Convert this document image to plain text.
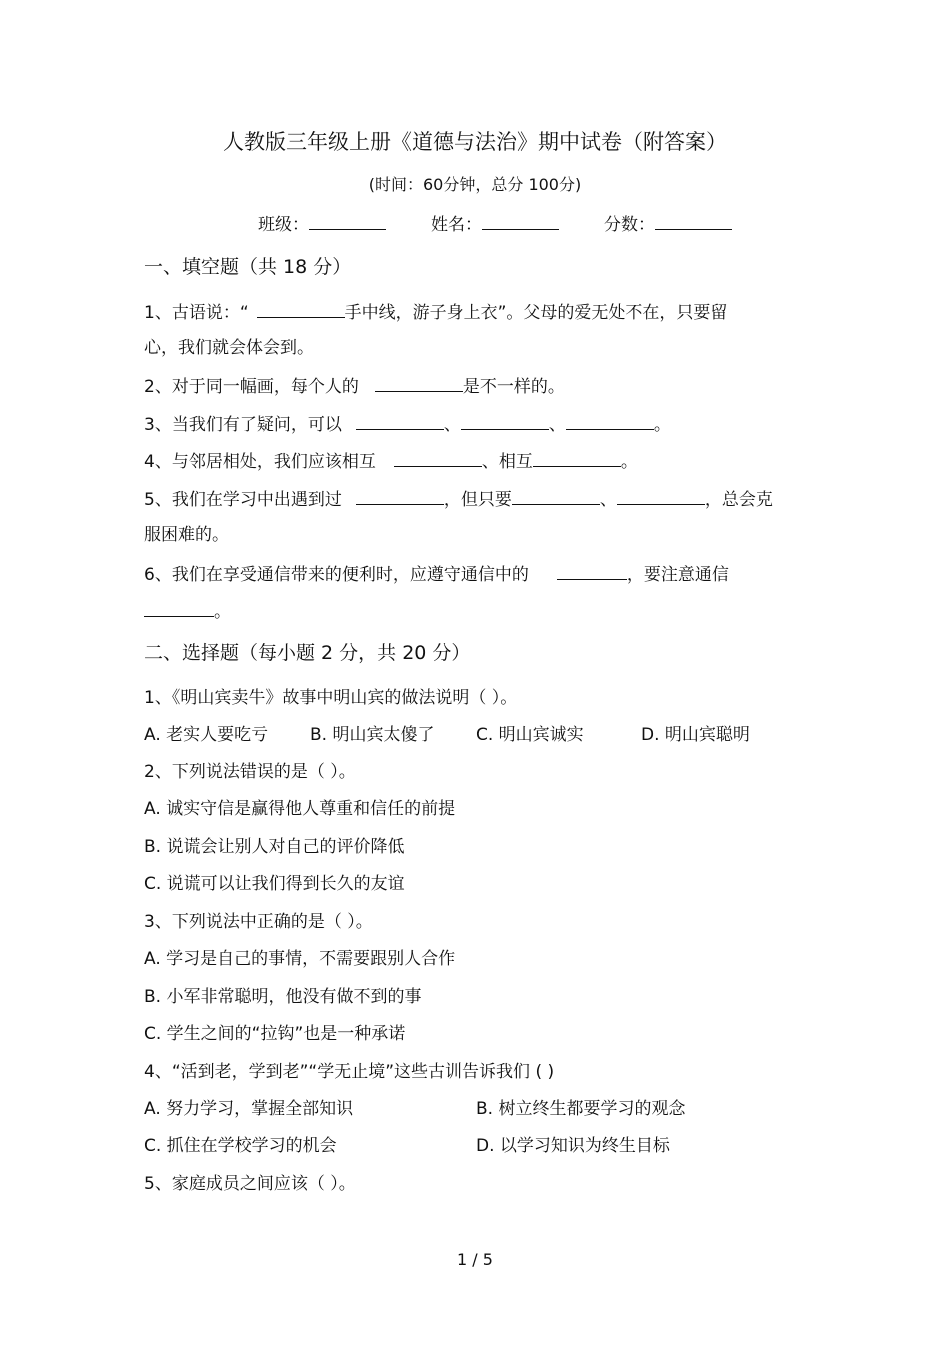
人教版三年级上册《道德与法治》期中试卷（附答案）
(时间：60分钟，总分 100分)
班级：	姓名：	分数：
一、填空题（共 18 分）
1、古语说：“	手中线，游子身上衣”。父母的爱无处不在，只要留
心，我们就会体会到。
2、对于同一幅画，每个人的	是不一样的。
3、当我们有了疑问，可以	、	、	。
4、与邻居相处，我们应该相互	、相互	。
5、我们在学习中出遇到过	，但只要	、	，总会克
服困难的。
6、我们在享受通信带来的便利时，应遵守通信中的	，要注意通信
。
二、选择题（每小题 2 分，共 20 分）
1、《明山宾卖牛》故事中明山宾的做法说明（ ）。
A. 老实人要吃亏 B. 明山宾太傻了 C. 明山宾诚实	D. 明山宾聪明
2、下列说法错误的是（ ）。
A. 诚实守信是赢得他人尊重和信任的前提
B. 说谎会让别人对自己的评价降低
C. 说谎可以让我们得到长久的友谊
3、下列说法中正确的是（ ）。
A. 学习是自己的事情，不需要跟别人合作
B. 小军非常聪明，他没有做不到的事
C. 学生之间的“拉钩”也是一种承诺
4、“活到老，学到老”“学无止境”这些古训告诉我们 ( )
A. 努力学习，掌握全部知识	B. 树立终生都要学习的观念
C. 抓住在学校学习的机会	D. 以学习知识为终生目标
5、家庭成员之间应该（ ）。
1 / 5
